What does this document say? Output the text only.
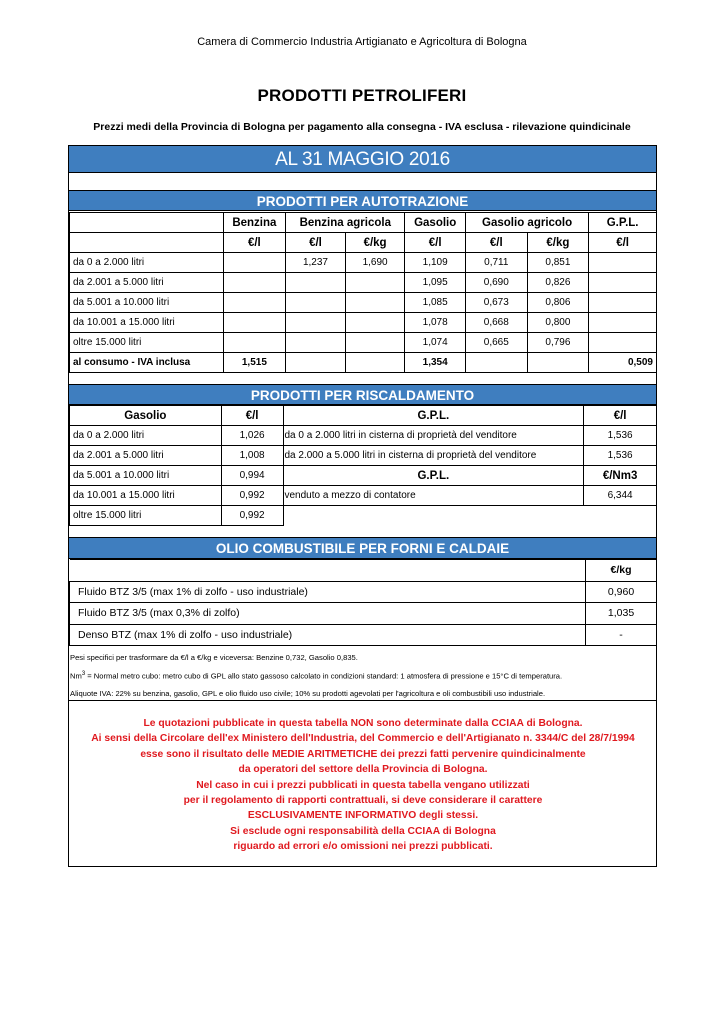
Camera di Commercio Industria Artigianato e Agricoltura di Bologna
PRODOTTI PETROLIFERI
Prezzi medi della Provincia di Bologna per pagamento alla consegna - IVA esclusa - rilevazione quindicinale
AL 31 MAGGIO 2016
PRODOTTI PER AUTOTRAZIONE
	Benzina	Benzina agricola		Gasolio	Gasolio agricolo		G.P.L.
	€/l	€/l	€/kg	€/l	€/l	€/kg	€/l
da 0 a 2.000 litri		1,237	1,690	1,109	0,711	0,851	
da 2.001 a 5.000 litri				1,095	0,690	0,826	
da 5.001 a 10.000 litri				1,085	0,673	0,806	
da 10.001 a 15.000 litri				1,078	0,668	0,800	
oltre 15.000 litri				1,074	0,665	0,796	
al consumo - IVA inclusa	1,515			1,354			0,509
PRODOTTI PER RISCALDAMENTO
Gasolio	€/l	G.P.L.	€/l
da 0 a 2.000 litri	1,026	da 0 a 2.000 litri in cisterna di proprietà del venditore	1,536
da 2.001 a 5.000 litri	1,008	da 2.000 a 5.000 litri in cisterna di proprietà del venditore	1,536
da 5.001 a 10.000 litri	0,994	G.P.L.	€/Nm3
da 10.001 a 15.000 litri	0,992	venduto a mezzo di contatore	6,344
oltre 15.000 litri	0,992		
OLIO COMBUSTIBILE PER FORNI E CALDAIE
	€/kg
Fluido BTZ 3/5 (max 1% di zolfo - uso industriale)	0,960
Fluido BTZ 3/5 (max 0,3% di zolfo)	1,035
Denso BTZ (max 1% di zolfo - uso industriale)	-
Pesi specifici per trasformare da €/l a €/kg e viceversa: Benzine 0,732, Gasolio 0,835.
$Nm^3$ = Normal metro cubo: metro cubo di GPL allo stato gassoso calcolato in condizioni standard: 1 atmosfera di pressione e 15°C di temperatura.
Aliquote IVA: 22% su benzina, gasolio, GPL e olio fluido uso civile; 10% su prodotti agevolati per l'agricoltura e oli combustibili uso industriale.
Le quotazioni pubblicate in questa tabella NON sono determinate dalla CCIAA di Bologna.
Ai sensi della Circolare dell'ex Ministero dell'Industria, del Commercio e dell'Artigianato n. 3344/C del 28/7/1994
esse sono il risultato delle MEDIE ARITMETICHE dei prezzi fatti pervenire quindicinalmente
da operatori del settore della Provincia di Bologna.
Nel caso in cui i prezzi pubblicati in questa tabella vengano utilizzati
per il regolamento di rapporti contrattuali, si deve considerare il carattere
ESCLUSIVAMENTE INFORMATIVO degli stessi.
Si esclude ogni responsabilità della CCIAA di Bologna
riguardo ad errori e/o omissioni nei prezzi pubblicati.
